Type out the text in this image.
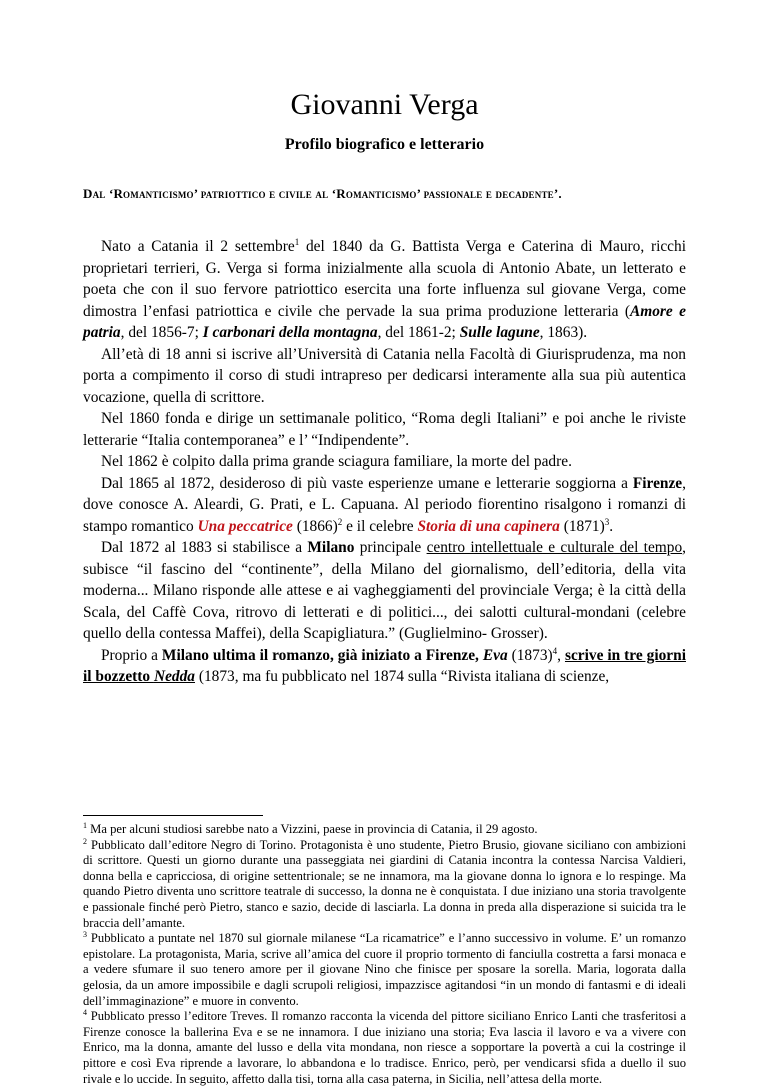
Giovanni Verga
Profilo biografico e letterario
Dal ‘Romanticismo’ patriottico e civile al ‘Romanticismo’ passionale e decadente’.

Nato a Catania il 2 settembre$^1$ del 1840 da G. Battista Verga e Caterina di Mauro, ricchi proprietari terrieri, G. Verga si forma inizialmente alla scuola di Antonio Abate, un letterato e poeta che con il suo fervore patriottico esercita una forte influenza sul giovane Verga, come dimostra l’enfasi patriottica e civile che pervade la sua prima produzione letteraria (Amore e patria, del 1856-7; I carbonari della montagna, del 1861-2; Sulle lagune, 1863).

All’età di 18 anni si iscrive all’Università di Catania nella Facoltà di Giurisprudenza, ma non porta a compimento il corso di studi intrapreso per dedicarsi interamente alla sua più autentica vocazione, quella di scrittore.

Nel 1860 fonda e dirige un settimanale politico, “Roma degli Italiani” e poi anche le riviste letterarie “Italia contemporanea” e l’ “Indipendente”.

Nel 1862 è colpito dalla prima grande sciagura familiare, la morte del padre.

Dal 1865 al 1872, desideroso di più vaste esperienze umane e letterarie soggiorna a Firenze, dove conosce A. Aleardi, G. Prati, e L. Capuana. Al periodo fiorentino risalgono i romanzi di stampo romantico Una peccatrice $(1866)^2$ e il celebre Storia di una capinera $(1871)^3$.

Dal 1872 al 1883 si stabilisce a Milano principale centro intellettuale e culturale del tempo, subisce “il fascino del “continente”, della Milano del giornalismo, dell’editoria, della vita moderna... Milano risponde alle attese e ai vagheggiamenti del provinciale Verga; è la città della Scala, del Caffè Cova, ritrovo di letterati e di politici..., dei salotti cultural-mondani (celebre quello della contessa Maffei), della Scapigliatura.” (Guglielmino- Grosser).

Proprio a Milano ultima il romanzo, già iniziato a Firenze, Eva $(1873)^4$, scrive in tre giorni il bozzetto Nedda (1873, ma fu pubblicato nel 1874 sulla “Rivista italiana di scienze,

$^1$ Ma per alcuni studiosi sarebbe nato a Vizzini, paese in provincia di Catania, il 29 agosto.

$^2$ Pubblicato dall’editore Negro di Torino. Protagonista è uno studente, Pietro Brusio, giovane siciliano con ambizioni di scrittore. Questi un giorno durante una passeggiata nei giardini di Catania incontra la contessa Narcisa Valdieri, donna bella e capricciosa, di origine settentrionale; se ne innamora, ma la giovane donna lo ignora e lo respinge. Ma quando Pietro diventa uno scrittore teatrale di successo, la donna ne è conquistata. I due iniziano una storia travolgente e passionale finché però Pietro, stanco e sazio, decide di lasciarla. La donna in preda alla disperazione si suicida tra le braccia dell’amante.

$^3$ Pubblicato a puntate nel 1870 sul giornale milanese “La ricamatrice” e l’anno successivo in volume. E’ un romanzo epistolare. La protagonista, Maria, scrive all’amica del cuore il proprio tormento di fanciulla costretta a farsi monaca e a vedere sfumare il suo tenero amore per il giovane Nino che finisce per sposare la sorella. Maria, logorata dalla gelosia, da un amore impossibile e dagli scrupoli religiosi, impazzisce agitandosi “in un mondo di fantasmi e di ideali dell’immaginazione” e muore in convento.

$^4$ Pubblicato presso l’editore Treves. Il romanzo racconta la vicenda del pittore siciliano Enrico Lanti che trasferitosi a Firenze conosce la ballerina Eva e se ne innamora. I due iniziano una storia; Eva lascia il lavoro e va a vivere con Enrico, ma la donna, amante del lusso e della vita mondana, non riesce a sopportare la povertà a cui la costringe il pittore e così Eva riprende a lavorare, lo abbandona e lo tradisce. Enrico, però, per vendicarsi sfida a duello il suo rivale e lo uccide. In seguito, affetto dalla tisi, torna alla casa paterna, in Sicilia, nell’attesa della morte.
